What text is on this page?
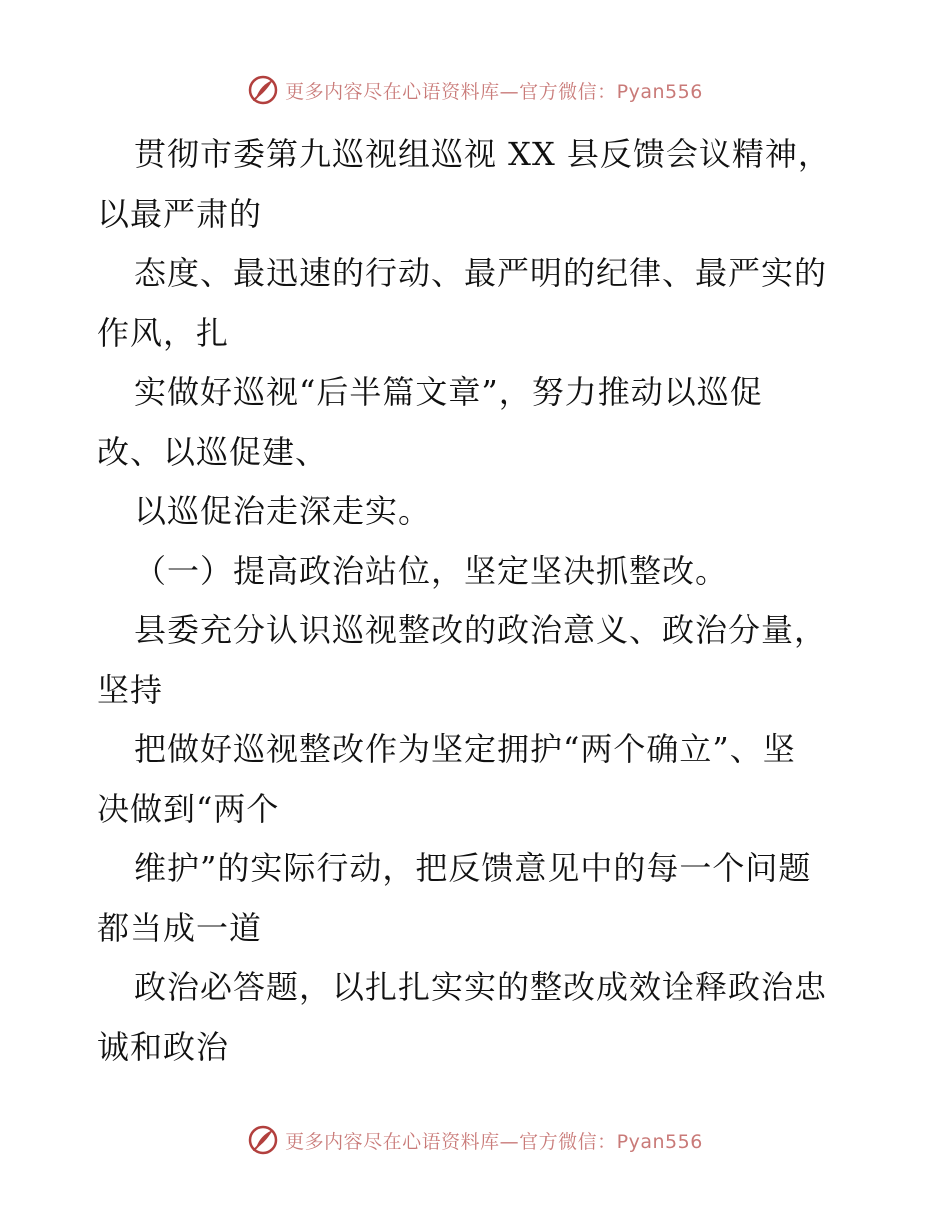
更多内容尽在心语资料库—官方微信：Pyan556
贯彻市委第九巡视组巡视 XX 县反馈会议精神，
以最严肃的
态度、最迅速的行动、最严明的纪律、最严实的
作风，扎
实做好巡视“后半篇文章”，努力推动以巡促
改、以巡促建、
以巡促治走深走实。
（一）提高政治站位，坚定坚决抓整改。
县委充分认识巡视整改的政治意义、政治分量，
坚持
把做好巡视整改作为坚定拥护“两个确立”、坚
决做到“两个
维护”的实际行动，把反馈意见中的每一个问题
都当成一道
政治必答题，以扎扎实实的整改成效诠释政治忠
诚和政治
更多内容尽在心语资料库—官方微信：Pyan556
